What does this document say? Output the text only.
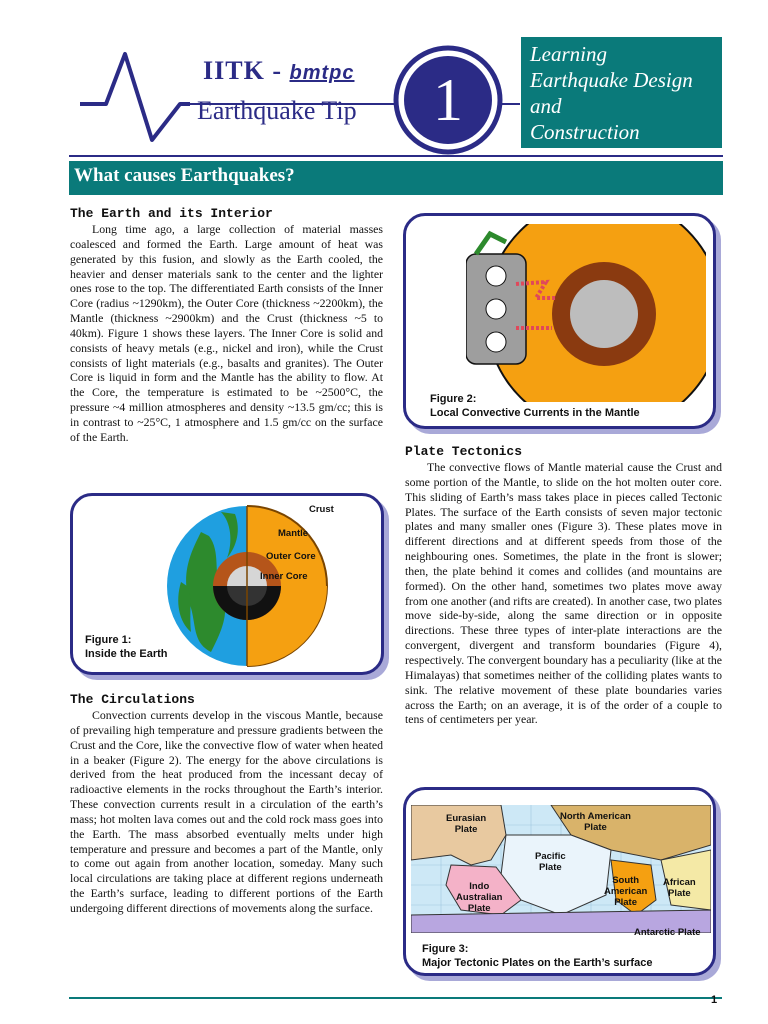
IITK - bmtpc
Earthquake Tip	1
Learning
Earthquake Design
and
Construction
What causes Earthquakes?
The Earth and its Interior

Long time ago, a large collection of material masses coalesced and formed the Earth. Large amount of heat was generated by this fusion, and slowly as the Earth cooled, the heavier and denser materials sank to the center and the lighter ones rose to the top. The differentiated Earth consists of the Inner Core (radius ~1290km), the Outer Core (thickness ~2200km), the Mantle (thickness ~2900km) and the Crust (thickness ~5 to 40km). Figure 1 shows these layers. The Inner Core is solid and consists of heavy metals (e.g., nickel and iron), while the Crust consists of light materials (e.g., basalts and granites). The Outer Core is liquid in form and the Mantle has the ability to flow. At the Core, the temperature is estimated to be ~2500°C, the pressure ~4 million atmospheres and density ~13.5 gm/cc; this is in contrast to ~25°C, 1 atmosphere and 1.5 gm/cc on the surface of the Earth.

Crust
Mantle
Outer Core
Inner Core
Figure 1:
Inside the Earth
The Circulations

Convection currents develop in the viscous Mantle, because of prevailing high temperature and pressure gradients between the Crust and the Core, like the convective flow of water when heated in a beaker (Figure 2). The energy for the above circulations is derived from the heat produced from the incessant decay of radioactive elements in the rocks throughout the Earth’s interior. These convection currents result in a circulation of the earth’s mass; hot molten lava comes out and the cold rock mass goes into the Earth. The mass absorbed eventually melts under high temperature and pressure and becomes a part of the Mantle, only to come out again from another location, someday. Many such local circulations are taking place at different regions underneath the Earth’s surface, leading to different portions of the Earth undergoing different directions of movements along the surface.

Figure 2:
Local Convective Currents in the Mantle
Plate Tectonics

The convective flows of Mantle material cause the Crust and some portion of the Mantle, to slide on the hot molten outer core. This sliding of Earth’s mass takes place in pieces called Tectonic Plates. The surface of the Earth consists of seven major tectonic plates and many smaller ones (Figure 3). These plates move in different directions and at different speeds from those of the neighbouring ones. Sometimes, the plate in the front is slower; then, the plate behind it comes and collides (and mountains are formed). On the other hand, sometimes two plates move away from one another (and rifts are created). In another case, two plates move side-by-side, along the same direction or in opposite directions. These three types of inter-plate interactions are the convergent, divergent and transform boundaries (Figure 4), respectively. The convergent boundary has a peculiarity (like at the Himalayas) that sometimes neither of the colliding plates wants to sink. The relative movement of these plate boundaries varies across the Earth; on an average, it is of the order of a couple to tens of centimeters per year.

Eurasian
Plate
North American
Plate
Pacific
Plate
Indo
Australian
Plate
South
American
Plate
African
Plate
Antarctic Plate
Figure 3:
Major Tectonic Plates on the Earth’s surface
1
